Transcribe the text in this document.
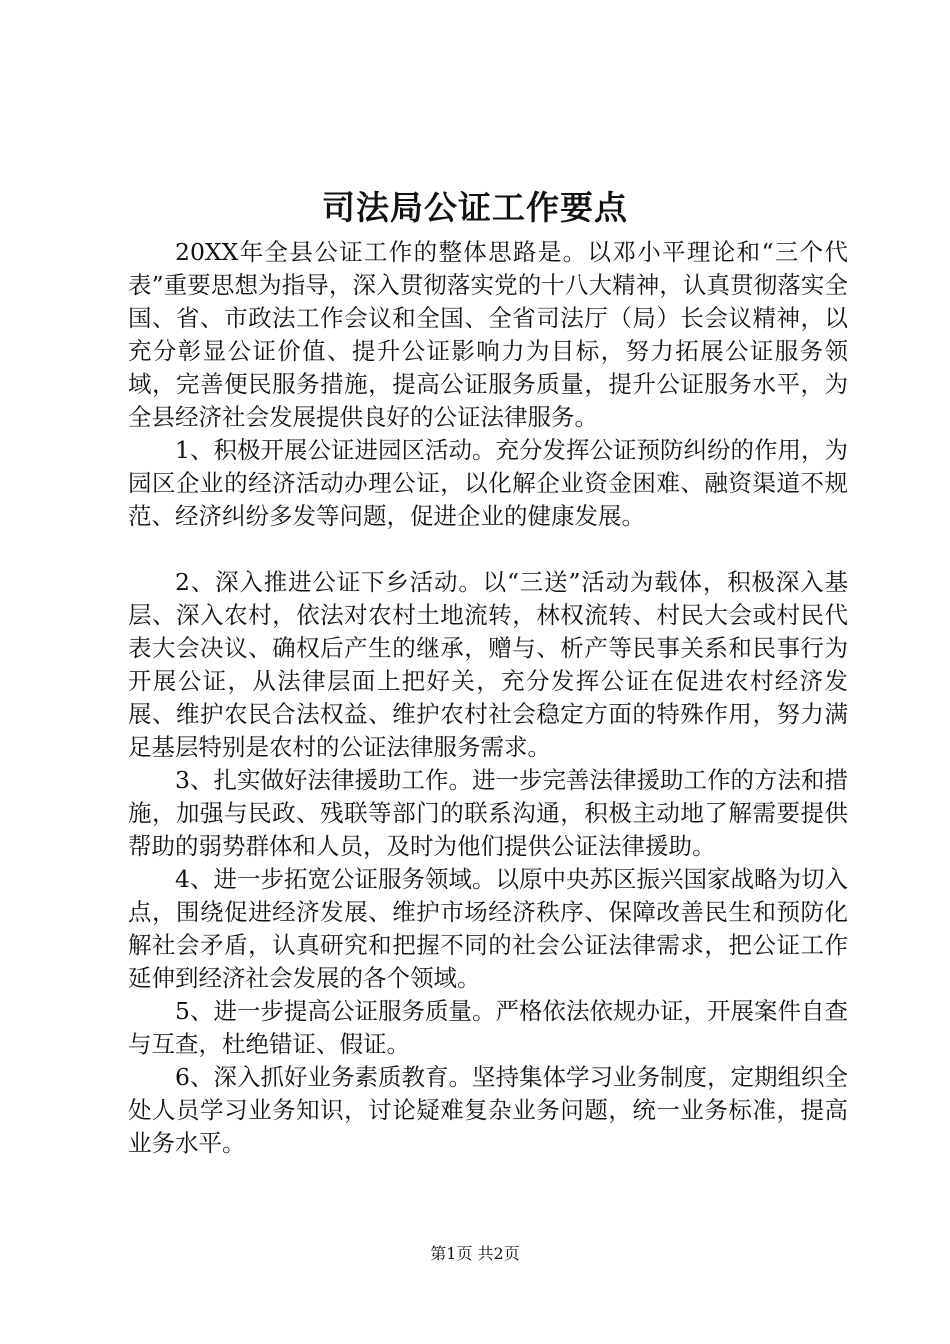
司法局公证工作要点

20XX年全县公证工作的整体思路是。以邓小平理论和“三个代表”重要思想为指导，深入贯彻落实党的十八大精神，认真贯彻落实全国、省、市政法工作会议和全国、全省司法厅（局）长会议精神，以充分彰显公证价值、提升公证影响力为目标，努力拓展公证服务领域，完善便民服务措施，提高公证服务质量，提升公证服务水平，为全县经济社会发展提供良好的公证法律服务。

1、积极开展公证进园区活动。充分发挥公证预防纠纷的作用，为园区企业的经济活动办理公证，以化解企业资金困难、融资渠道不规范、经济纠纷多发等问题，促进企业的健康发展。

2、深入推进公证下乡活动。以“三送”活动为载体，积极深入基层、深入农村，依法对农村土地流转，林权流转、村民大会或村民代表大会决议、确权后产生的继承，赠与、析产等民事关系和民事行为开展公证，从法律层面上把好关，充分发挥公证在促进农村经济发展、维护农民合法权益、维护农村社会稳定方面的特殊作用，努力满足基层特别是农村的公证法律服务需求。

3、扎实做好法律援助工作。进一步完善法律援助工作的方法和措施，加强与民政、残联等部门的联系沟通，积极主动地了解需要提供帮助的弱势群体和人员，及时为他们提供公证法律援助。

4、进一步拓宽公证服务领域。以原中央苏区振兴国家战略为切入点，围绕促进经济发展、维护市场经济秩序、保障改善民生和预防化解社会矛盾，认真研究和把握不同的社会公证法律需求，把公证工作延伸到经济社会发展的各个领域。

5、进一步提高公证服务质量。严格依法依规办证，开展案件自查与互查，杜绝错证、假证。

6、深入抓好业务素质教育。坚持集体学习业务制度，定期组织全处人员学习业务知识，讨论疑难复杂业务问题，统一业务标准，提高业务水平。

第1页 共2页
